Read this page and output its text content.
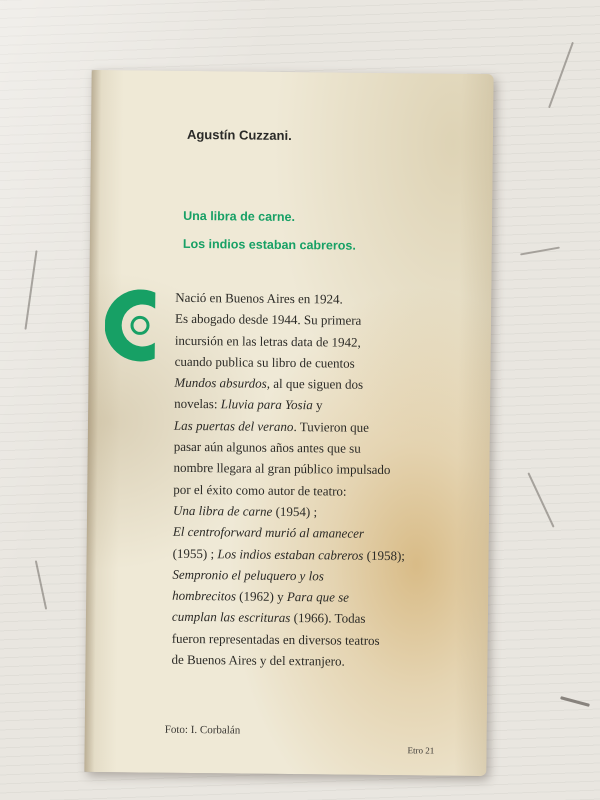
Agustín Cuzzani.
Una libra de carne.
Los indios estaban cabreros.
Nació en Buenos Aires en 1924.
Es abogado desde 1944. Su primera
incursión en las letras data de 1942,
cuando publica su libro de cuentos
Mundos absurdos, al que siguen dos
novelas: Lluvia para Yosia y
Las puertas del verano. Tuvieron que
pasar aún algunos años antes que su
nombre llegara al gran público impulsado
por el éxito como autor de teatro:
Una libra de carne (1954) ;
El centroforward murió al amanecer
(1955) ; Los indios estaban cabreros (1958);
Sempronio el peluquero y los
hombrecitos (1962) y Para que se
cumplan las escrituras (1966). Todas
fueron representadas en diversos teatros
de Buenos Aires y del extranjero.
Foto: I. Corbalán
Etro 21
